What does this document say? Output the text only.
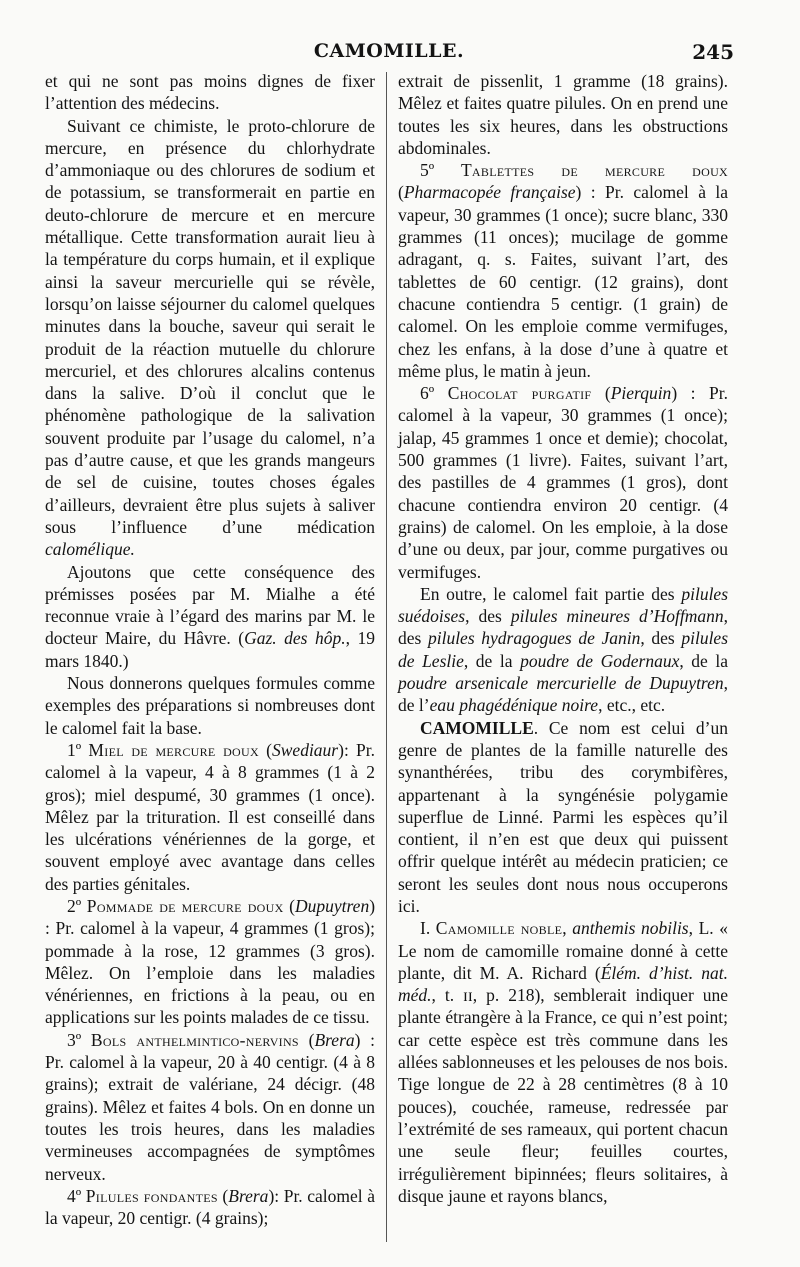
CAMOMILLE.	245

et qui ne sont pas moins dignes de fixer l’attention des médecins.

Suivant ce chimiste, le proto-chlorure de mercure, en présence du chlorhydrate d’ammoniaque ou des chlorures de sodium et de potassium, se transformerait en partie en deuto-chlorure de mercure et en mercure métallique. Cette transformation aurait lieu à la température du corps humain, et il explique ainsi la saveur mercurielle qui se révèle, lorsqu’on laisse séjourner du calomel quelques minutes dans la bouche, saveur qui serait le produit de la réaction mutuelle du chlorure mercuriel, et des chlorures alcalins contenus dans la salive. D’où il conclut que le phénomène pathologique de la salivation souvent produite par l’usage du calomel, n’a pas d’autre cause, et que les grands mangeurs de sel de cuisine, toutes choses égales d’ailleurs, devraient être plus sujets à saliver sous l’influence d’une médication calomélique.

Ajoutons que cette conséquence des prémisses posées par M. Mialhe a été reconnue vraie à l’égard des marins par M. le docteur Maire, du Hâvre. (Gaz. des hôp., 19 mars 1840.)

Nous donnerons quelques formules comme exemples des préparations si nombreuses dont le calomel fait la base.

1º Miel de mercure doux (Swediaur): Pr. calomel à la vapeur, 4 à 8 grammes (1 à 2 gros); miel despumé, 30 grammes (1 once). Mêlez par la trituration. Il est conseillé dans les ulcérations vénériennes de la gorge, et souvent employé avec avantage dans celles des parties génitales.

2º Pommade de mercure doux (Dupuytren) : Pr. calomel à la vapeur, 4 grammes (1 gros); pommade à la rose, 12 grammes (3 gros). Mêlez. On l’emploie dans les maladies vénériennes, en frictions à la peau, ou en applications sur les points malades de ce tissu.

3º Bols anthelmintico-nervins (Brera) : Pr. calomel à la vapeur, 20 à 40 centigr. (4 à 8 grains); extrait de valériane, 24 décigr. (48 grains). Mêlez et faites 4 bols. On en donne un toutes les trois heures, dans les maladies vermineuses accompagnées de symptômes nerveux.

4º Pilules fondantes (Brera): Pr. calomel à la vapeur, 20 centigr. (4 grains);

extrait de pissenlit, 1 gramme (18 grains). Mêlez et faites quatre pilules. On en prend une toutes les six heures, dans les obstructions abdominales.

5º Tablettes de mercure doux (Pharmacopée française) : Pr. calomel à la vapeur, 30 grammes (1 once); sucre blanc, 330 grammes (11 onces); mucilage de gomme adragant, q. s. Faites, suivant l’art, des tablettes de 60 centigr. (12 grains), dont chacune contiendra 5 centigr. (1 grain) de calomel. On les emploie comme vermifuges, chez les enfans, à la dose d’une à quatre et même plus, le matin à jeun.

6º Chocolat purgatif (Pierquin) : Pr. calomel à la vapeur, 30 grammes (1 once); jalap, 45 grammes 1 once et demie); chocolat, 500 grammes (1 livre). Faites, suivant l’art, des pastilles de 4 grammes (1 gros), dont chacune contiendra environ 20 centigr. (4 grains) de calomel. On les emploie, à la dose d’une ou deux, par jour, comme purgatives ou vermifuges.

En outre, le calomel fait partie des pilules suédoises, des pilules mineures d’Hoffmann, des pilules hydragogues de Janin, des pilules de Leslie, de la poudre de Godernaux, de la poudre arsenicale mercurielle de Dupuytren, de l’eau phagédénique noire, etc., etc.

CAMOMILLE. Ce nom est celui d’un genre de plantes de la famille naturelle des synanthérées, tribu des corymbifères, appartenant à la syngénésie polygamie superflue de Linné. Parmi les espèces qu’il contient, il n’en est que deux qui puissent offrir quelque intérêt au médecin praticien; ce seront les seules dont nous nous occuperons ici.

I. Camomille noble, anthemis nobilis, L. « Le nom de camomille romaine donné à cette plante, dit M. A. Richard (Élém. d’hist. nat. méd., t. ɪɪ, p. 218), semblerait indiquer une plante étrangère à la France, ce qui n’est point; car cette espèce est très commune dans les allées sablonneuses et les pelouses de nos bois. Tige longue de 22 à 28 centimètres (8 à 10 pouces), couchée, rameuse, redressée par l’extrémité de ses rameaux, qui portent chacun une seule fleur; feuilles courtes, irrégulièrement bipinnées; fleurs solitaires, à disque jaune et rayons blancs,
